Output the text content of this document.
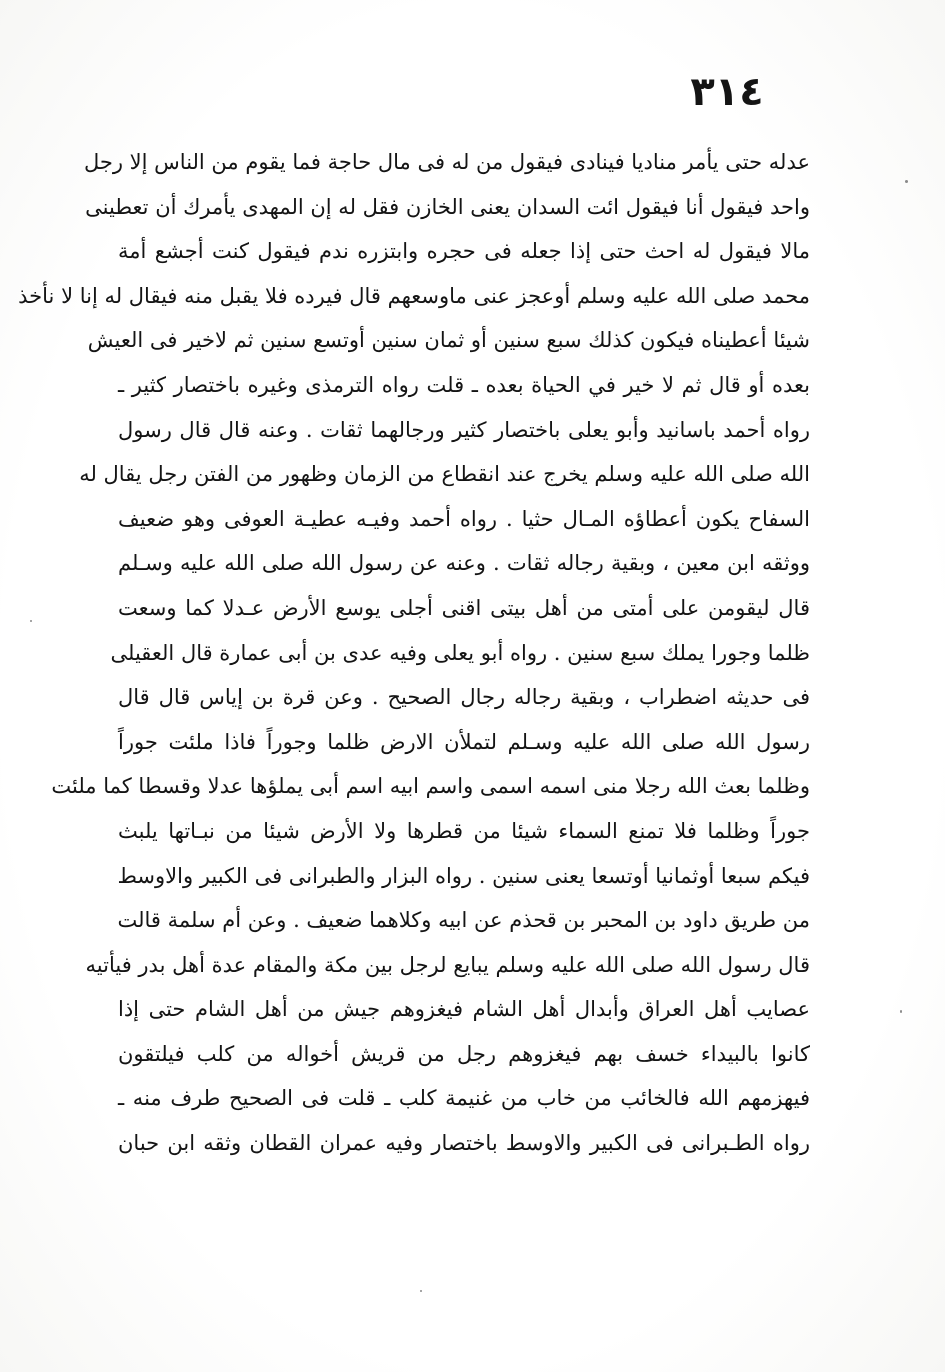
٣١٤
عدله حتى يأمر مناديا فينادى فيقول من له فى مال حاجة فما يقوم من الناس إلا رجل
واحد فيقول أنا فيقول ائت السدان يعنى الخازن فقل له إن المهدى يأمرك أن تعطينى
مالا فيقول له احث حتى إذا جعله فى حجره وابتزره ندم فيقول كنت أجشع أمة
محمد صلى الله عليه وسلم أوعجز عنى ماوسعهم قال فيرده فلا يقبل منه فيقال له إنا لا نأخذ
شيئا أعطيناه فيكون كذلك سبع سنين أو ثمان سنين أوتسع سنين ثم لاخير فى العيش
بعده أو قال ثم لا خير في الحياة بعده ـ قلت رواه الترمذى وغيره باختصار كثير ـ
رواه أحمد باسانيد وأبو يعلى باختصار كثير ورجالهما ثقات . وعنه قال قال رسول
الله صلى الله عليه وسلم يخرج عند انقطاع من الزمان وظهور من الفتن رجل يقال له
السفاح يكون أعطاؤه المـال حثيا . رواه أحمد وفيـه عطيـة العوفى وهو ضعيف
ووثقه ابن معين ، وبقية رجاله ثقات . وعنه عن رسول الله صلى الله عليه وسـلم
قال ليقومن على أمتى من أهل بيتى اقنى أجلى يوسع الأرض عـدلا كما وسعت
ظلما وجورا يملك سبع سنين . رواه أبو يعلى وفيه عدى بن أبى عمارة قال العقيلى
فى حديثه اضطراب ، وبقية رجاله رجال الصحيح . وعن قرة بن إياس قال قال
رسول الله صلى الله عليه وسـلم لتملأن الارض ظلما وجوراً فاذا ملئت جوراً
وظلما بعث الله رجلا منى اسمه اسمى واسم ابيه اسم أبى يملؤها عدلا وقسطا كما ملئت
جوراً وظلما فلا تمنع السماء شيئا من قطرها ولا الأرض شيئا من نبـاتها يلبث
فيكم سبعا أوثمانيا أوتسعا يعنى سنين . رواه البزار والطبرانى فى الكبير والاوسط
من طريق داود بن المحبر بن قحذم عن ابيه وكلاهما ضعيف . وعن أم سلمة قالت
قال رسول الله صلى الله عليه وسلم يبايع لرجل بين مكة والمقام عدة أهل بدر فيأتيه
عصايب أهل العراق وأبدال أهل الشام فيغزوهم جيش من أهل الشام حتى إذا
كانوا بالبيداء خسف بهم فيغزوهم رجل من قريش أخواله من كلب فيلتقون
فيهزمهم الله فالخائب من خاب من غنيمة كلب ـ قلت فى الصحيح طرف منه ـ
رواه الطـبرانى فى الكبير والاوسط باختصار وفيه عمران القطان وثقه ابن حبان
